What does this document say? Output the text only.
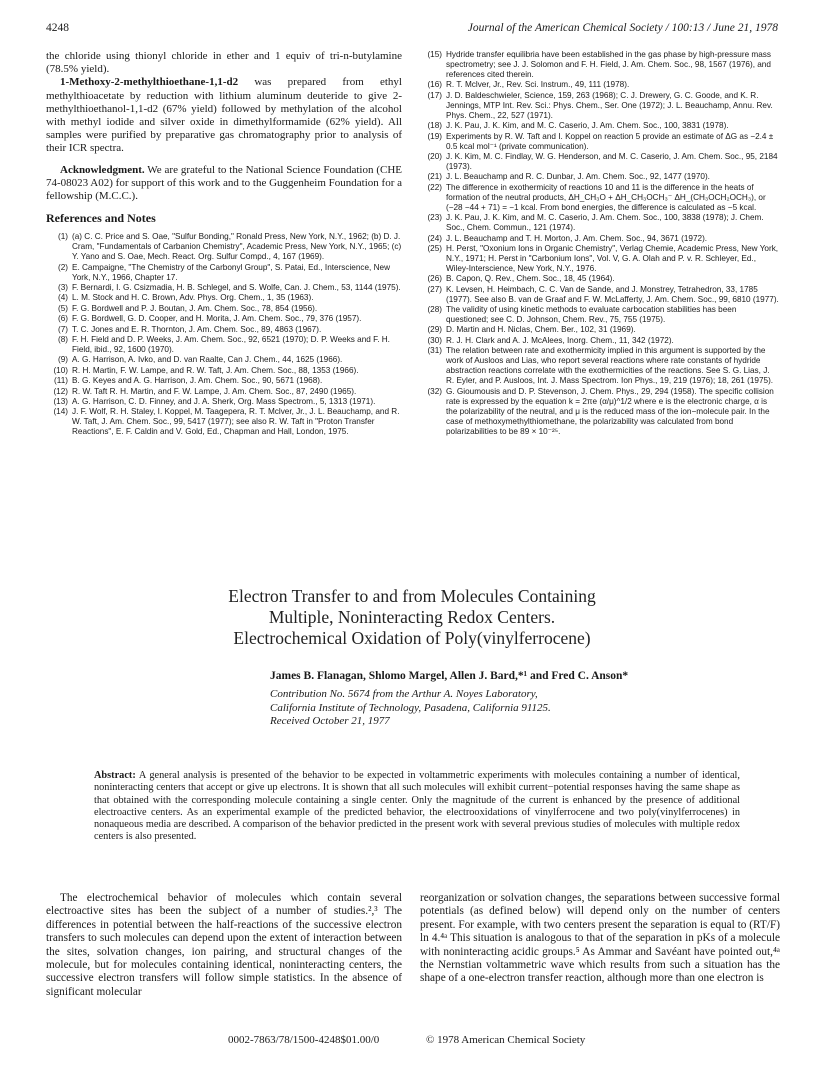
4248	Journal of the American Chemical Society / 100:13 / June 21, 1978

the chloride using thionyl chloride in ether and 1 equiv of tri-n-butylamine (78.5% yield).

1-Methoxy-2-methylthioethane-1,1-d2 was prepared from ethyl methylthioacetate by reduction with lithium aluminum deuteride to give 2-methylthioethanol-1,1-d2 (67% yield) followed by methylation of the alcohol with methyl iodide and silver oxide in dimethylformamide (62% yield). All samples were purified by preparative gas chromatography prior to analysis of their ICR spectra.

Acknowledgment. We are grateful to the National Science Foundation (CHE 74-08023 A02) for support of this work and to the Guggenheim Foundation for a fellowship (M.C.C.).

References and Notes
(1) (a) C. C. Price and S. Oae, "Sulfur Bonding," Ronald Press, New York, N.Y., 1962; (b) D. J. Cram, "Fundamentals of Carbanion Chemistry", Academic Press, New York, N.Y., 1965; (c) Y. Yano and S. Oae, Mech. React. Org. Sulfur Compd., 4, 167 (1969).
(2) E. Campaigne, "The Chemistry of the Carbonyl Group", S. Patai, Ed., Interscience, New York, N.Y., 1966, Chapter 17.
(3) F. Bernardi, I. G. Csizmadia, H. B. Schlegel, and S. Wolfe, Can. J. Chem., 53, 1144 (1975).
(4) L. M. Stock and H. C. Brown, Adv. Phys. Org. Chem., 1, 35 (1963).
(5) F. G. Bordwell and P. J. Boutan, J. Am. Chem. Soc., 78, 854 (1956).
(6) F. G. Bordwell, G. D. Cooper, and H. Morita, J. Am. Chem. Soc., 79, 376 (1957).
(7) T. C. Jones and E. R. Thornton, J. Am. Chem. Soc., 89, 4863 (1967).
(8) F. H. Field and D. P. Weeks, J. Am. Chem. Soc., 92, 6521 (1970); D. P. Weeks and F. H. Field, ibid., 92, 1600 (1970).
(9) A. G. Harrison, A. Ivko, and D. van Raalte, Can J. Chem., 44, 1625 (1966).
(10) R. H. Martin, F. W. Lampe, and R. W. Taft, J. Am. Chem. Soc., 88, 1353 (1966).
(11) B. G. Keyes and A. G. Harrison, J. Am. Chem. Soc., 90, 5671 (1968).
(12) R. W. Taft R. H. Martin, and F. W. Lampe, J. Am. Chem. Soc., 87, 2490 (1965).
(13) A. G. Harrison, C. D. Finney, and J. A. Sherk, Org. Mass Spectrom., 5, 1313 (1971).
(14) J. F. Wolf, R. H. Staley, I. Koppel, M. Taagepera, R. T. Mclver, Jr., J. L. Beauchamp, and R. W. Taft, J. Am. Chem. Soc., 99, 5417 (1977); see also R. W. Taft in "Proton Transfer Reactions", E. F. Caldin and V. Gold, Ed., Chapman and Hall, London, 1975.
(15) Hydride transfer equilibria have been established in the gas phase by high-pressure mass spectrometry; see J. J. Solomon and F. H. Field, J. Am. Chem. Soc., 98, 1567 (1976), and references cited therein.
(16) R. T. Mclver, Jr., Rev. Sci. Instrum., 49, 111 (1978).
(17) J. D. Baldeschwieler, Science, 159, 263 (1968); C. J. Drewery, G. C. Goode, and K. R. Jennings, MTP Int. Rev. Sci.: Phys. Chem., Ser. One (1972); J. L. Beauchamp, Annu. Rev. Phys. Chem., 22, 527 (1971).
(18) J. K. Pau, J. K. Kim, and M. C. Caserio, J. Am. Chem. Soc., 100, 3831 (1978).
(19) Experiments by R. W. Taft and I. Koppel on reaction 5 provide an estimate of ΔG as −2.4 ± 0.5 kcal mol⁻¹ (private communication).
(20) J. K. Kim, M. C. Findlay, W. G. Henderson, and M. C. Caserio, J. Am. Chem. Soc., 95, 2184 (1973).
(21) J. L. Beauchamp and R. C. Dunbar, J. Am. Chem. Soc., 92, 1477 (1970).
(22) The difference in exothermicity of reactions 10 and 11 is the difference in the heats of formation of the neutral products, ΔH_CH₃O + ΔH_CH₃OCH₃⁻ ΔH_(CH₃OCH₂OCH₃), or (−28 −44 + 71) = −1 kcal. From bond energies, the difference is calculated as −5 kcal.
(23) J. K. Pau, J. K. Kim, and M. C. Caserio, J. Am. Chem. Soc., 100, 3838 (1978); J. Chem. Soc., Chem. Commun., 121 (1974).
(24) J. L. Beauchamp and T. H. Morton, J. Am. Chem. Soc., 94, 3671 (1972).
(25) H. Perst, "Oxonium Ions in Organic Chemistry", Verlag Chemie, Academic Press, New York, N.Y., 1971; H. Perst in "Carbonium Ions", Vol. V, G. A. Olah and P. v. R. Schleyer, Ed., Wiley-Interscience, New York, N.Y., 1976.
(26) B. Capon, Q. Rev., Chem. Soc., 18, 45 (1964).
(27) K. Levsen, H. Heimbach, C. C. Van de Sande, and J. Monstrey, Tetrahedron, 33, 1785 (1977). See also B. van de Graaf and F. W. McLafferty, J. Am. Chem. Soc., 99, 6810 (1977).
(28) The validity of using kinetic methods to evaluate carbocation stabilities has been questioned; see C. D. Johnson, Chem. Rev., 75, 755 (1975).
(29) D. Martin and H. Niclas, Chem. Ber., 102, 31 (1969).
(30) R. J. H. Clark and A. J. McAlees, Inorg. Chem., 11, 342 (1972).
(31) The relation between rate and exothermicity implied in this argument is supported by the work of Ausloos and Lias, who report several reactions where rate constants of hydride abstraction reactions correlate with the exothermicities of the reactions. See S. G. Lias, J. R. Eyler, and P. Ausloos, Int. J. Mass Spectrom. Ion Phys., 19, 219 (1976); 18, 261 (1975).
(32) G. Gioumousis and D. P. Stevenson, J. Chem. Phys., 29, 294 (1958). The specific collision rate is expressed by the equation k = 2πe (α/μ)^1/2 where e is the electronic charge, α is the polarizability of the neutral, and μ is the reduced mass of the ion−molecule pair. In the case of methoxymethylthiomethane, the polarizability was calculated from bond polarizabilities to be 89 × 10⁻²⁵.
Electron Transfer to and from Molecules Containing
Multiple, Noninteracting Redox Centers.
Electrochemical Oxidation of Poly(vinylferrocene)
James B. Flanagan, Shlomo Margel, Allen J. Bard,*¹ and Fred C. Anson*
Contribution No. 5674 from the Arthur A. Noyes Laboratory,
California Institute of Technology, Pasadena, California 91125.
Received October 21, 1977
Abstract: A general analysis is presented of the behavior to be expected in voltammetric experiments with molecules containing a number of identical, noninteracting centers that accept or give up electrons. It is shown that all such molecules will exhibit current−potential responses having the same shape as that obtained with the corresponding molecule containing a single center. Only the magnitude of the current is enhanced by the presence of additional electroactive centers. As an experimental example of the predicted behavior, the electrooxidations of vinylferrocene and two poly(vinylferrocenes) in nonaqueous media are described. A comparison of the behavior predicted in the present work with several previous studies of molecules with multiple redox centers is also presented.

The electrochemical behavior of molecules which contain several electroactive sites has been the subject of a number of studies.²,³ The differences in potential between the half-reactions of the successive electron transfers to such molecules can depend upon the extent of interaction between the sites, solvation changes, ion pairing, and structural changes of the molecule, but for molecules containing identical, noninteracting centers, the successive electron transfers will follow simple statistics. In the absence of significant molecular

reorganization or solvation changes, the separations between successive formal potentials (as defined below) will depend only on the number of centers present. For example, with two centers present the separation is equal to (RT/F) ln 4.⁴ᵃ This situation is analogous to that of the separation in pKs of a molecule with noninteracting acidic groups.⁵ As Ammar and Savéant have pointed out,⁴ᵃ the Nernstian voltammetric wave which results from such a situation has the shape of a one-electron transfer reaction, although more than one electron is

0002-7863/78/1500-4248$01.00/0	© 1978 American Chemical Society
